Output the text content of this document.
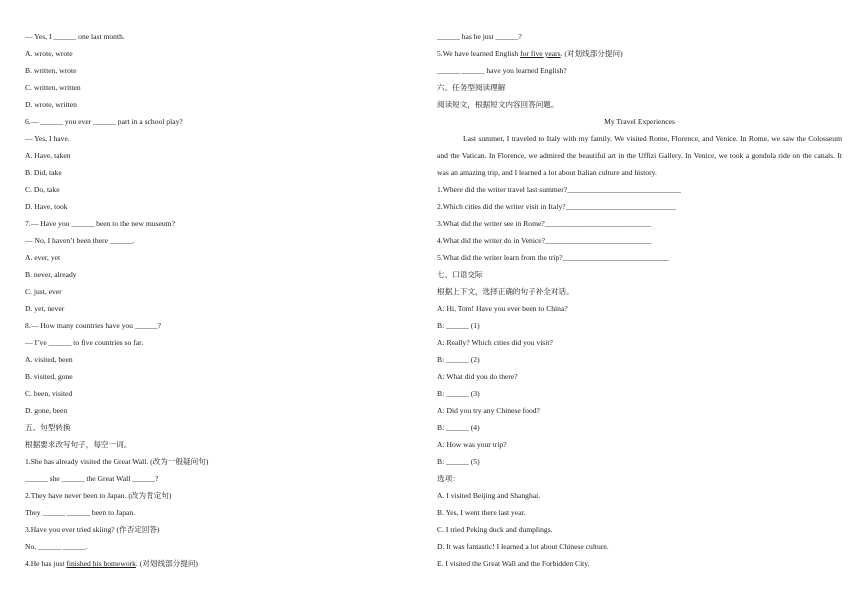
— Yes, I ______ one last month.
A. wrote, wrote
B. written, wrote
C. written, written
D. wrote, written
6.— ______ you ever ______ part in a school play?
— Yes, I have.
A. Have, taken
B. Did, take
C. Do, take
D. Have, took
7.— Have you ______ been to the new museum?
— No, I haven’t been there ______.
A. ever, yet
B. never, already
C. just, ever
D. yet, never
8.— How many countries have you ______?
— I’ve ______ to five countries so far.
A. visited, been
B. visited, gone
C. been, visited
D. gone, been
五、句型转换
根据要求改写句子，每空一词。
1.She has already visited the Great Wall. (改为一般疑问句)
______ she ______ the Great Wall ______?
2.They have never been to Japan. (改为肯定句)
They ______ ______ been to Japan.
3.Have you ever tried skiing? (作否定回答)
No, ______ ______.
4.He has just finished his homework. (对划线部分提问)
______ has he just ______?
5.We have learned English for five years. (对划线部分提问)
______ ______ have you learned English?
六、任务型阅读理解
阅读短文，根据短文内容回答问题。
My Travel Experiences

Last summer, I traveled to Italy with my family. We visited Rome, Florence, and Venice. In Rome, we saw the Colosseum and the Vatican. In Florence, we admired the beautiful art in the Uffizi Gallery. In Venice, we took a gondola ride on the canals. It was an amazing trip, and I learned a lot about Italian culture and history.

1.Where did the writer travel last summer?______________________________
2.Which cities did the writer visit in Italy?_____________________________
3.What did the writer see in Rome?____________________________
4.What did the writer do in Venice?____________________________
5.What did the writer learn from the trip?____________________________
七、口语交际
根据上下文，选择正确的句子补全对话。
A: Hi, Tom! Have you ever been to China?
B: ______ (1)
A: Really? Which cities did you visit?
B: ______ (2)
A: What did you do there?
B: ______ (3)
A: Did you try any Chinese food?
B: ______ (4)
A: How was your trip?
B: ______ (5)
选项：
A. I visited Beijing and Shanghai.
B. Yes, I went there last year.
C. I tried Peking duck and dumplings.
D. It was fantastic! I learned a lot about Chinese culture.
E. I visited the Great Wall and the Forbidden City.
